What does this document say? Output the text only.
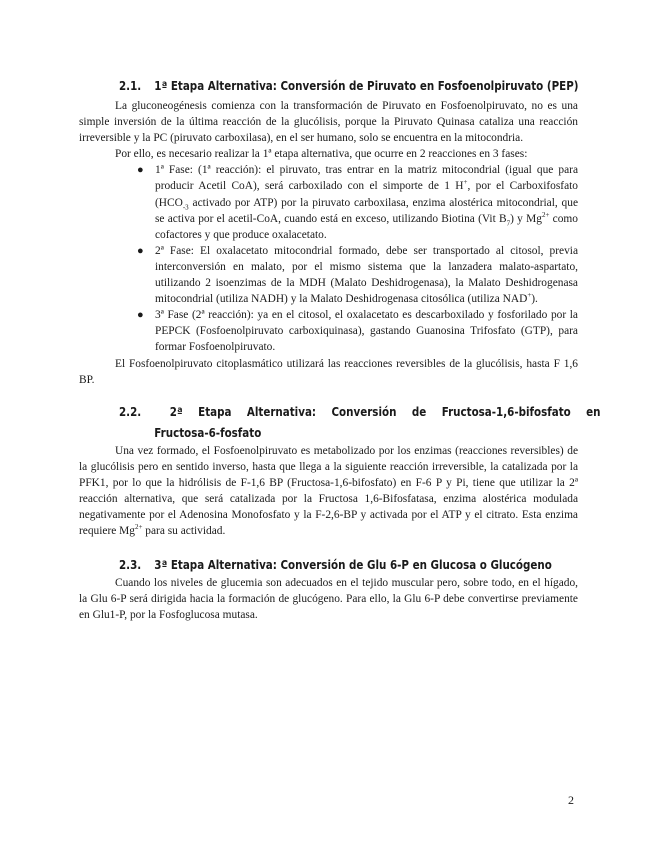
2.1. 1ª Etapa Alternativa: Conversión de Piruvato en Fosfoenolpiruvato (PEP)

La gluconeogénesis comienza con la transformación de Piruvato en Fosfoenolpiruvato, no es una simple inversión de la última reacción de la glucólisis, porque la Piruvato Quinasa cataliza una reacción irreversible y la PC (piruvato carboxilasa), en el ser humano, solo se encuentra en la mitocondria.

Por ello, es necesario realizar la 1ª etapa alternativa, que ocurre en 2 reacciones en 3 fases:

● 1ª Fase: (1ª reacción): el piruvato, tras entrar en la matriz mitocondrial (igual que para producir Acetil CoA), será carboxilado con el simporte de 1 H+, por el Carboxifosfato ($HCO_{-3}$ activado por ATP) por la piruvato carboxilasa, enzima alostérica mitocondrial, que se activa por el acetil-CoA, cuando está en exceso, utilizando Biotina (Vit $B_7$) y $Mg^{2+}$ como cofactores y que produce oxalacetato.
● 2ª Fase: El oxalacetato mitocondrial formado, debe ser transportado al citosol, previa interconversión en malato, por el mismo sistema que la lanzadera malato-aspartato, utilizando 2 isoenzimas de la MDH (Malato Deshidrogenasa), la Malato Deshidrogenasa mitocondrial (utiliza NADH) y la Malato Deshidrogenasa citosólica (utiliza NAD+).
● 3ª Fase (2ª reacción): ya en el citosol, el oxalacetato es descarboxilado y fosforilado por la PEPCK (Fosfoenolpiruvato carboxiquinasa), gastando Guanosina Trifosfato (GTP), para formar Fosfoenolpiruvato.

El Fosfoenolpiruvato citoplasmático utilizará las reacciones reversibles de la glucólisis, hasta F 1,6 BP.

2.2.	2ª Etapa Alternativa: Conversión de Fructosa-1,6-bifosfato en
Fructosa-6-fosfato

Una vez formado, el Fosfoenolpiruvato es metabolizado por los enzimas (reacciones reversibles) de la glucólisis pero en sentido inverso, hasta que llega a la siguiente reacción irreversible, la catalizada por la PFK1, por lo que la hidrólisis de F-1,6 BP (Fructosa-1,6-bifosfato) en F-6 P y Pi, tiene que utilizar la 2ª reacción alternativa, que será catalizada por la Fructosa 1,6-Bifosfatasa, enzima alostérica modulada negativamente por el Adenosina Monofosfato y la F-2,6-BP y activada por el ATP y el citrato. Esta enzima requiere $Mg^{2+}$ para su actividad.

2.3. 3ª Etapa Alternativa: Conversión de Glu 6-P en Glucosa o Glucógeno

Cuando los niveles de glucemia son adecuados en el tejido muscular pero, sobre todo, en el hígado, la Glu 6-P será dirigida hacia la formación de glucógeno. Para ello, la Glu 6-P debe convertirse previamente en Glu1-P, por la Fosfoglucosa mutasa.

2
